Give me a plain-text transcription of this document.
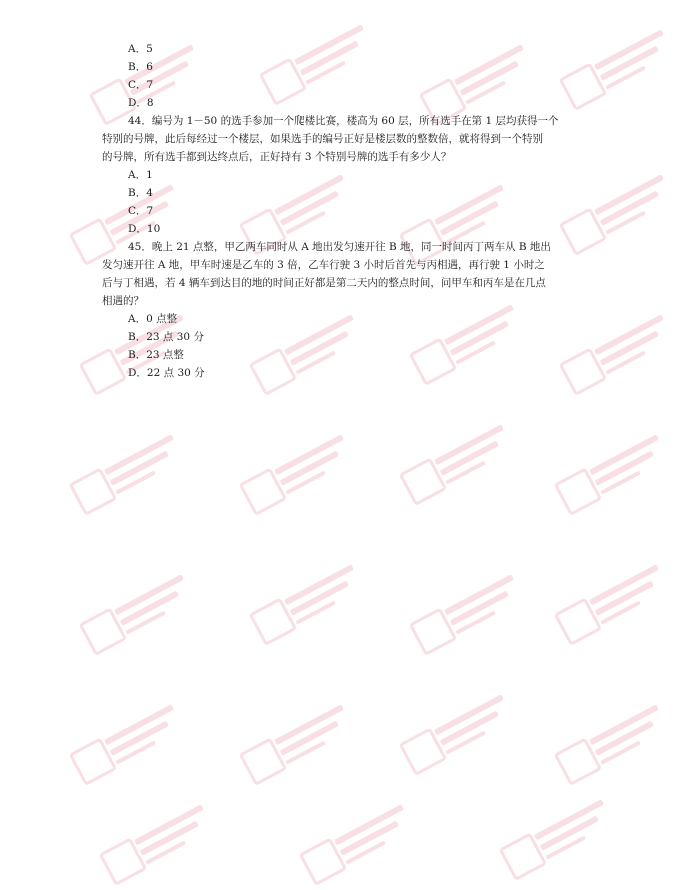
A．5
B．6
C．7
D．8
44．编号为 1－50 的选手参加一个爬楼比赛，楼高为 60 层，所有选手在第 1 层均获得一个
特别的号牌，此后每经过一个楼层，如果选手的编号正好是楼层数的整数倍，就将得到一个特别
的号牌，所有选手都到达终点后，正好持有 3 个特别号牌的选手有多少人？
A．1
B．4
C．7
D．10
45．晚上 21 点整，甲乙两车同时从 A 地出发匀速开往 B 地，同一时间丙丁两车从 B 地出
发匀速开往 A 地，甲车时速是乙车的 3 倍，乙车行驶 3 小时后首先与丙相遇，再行驶 1 小时之
后与丁相遇，若 4 辆车到达目的地的时间正好都是第二天内的整点时间，问甲车和丙车是在几点
相遇的？
A．0 点整
B．23 点 30 分
B．23 点整
D．22 点 30 分
